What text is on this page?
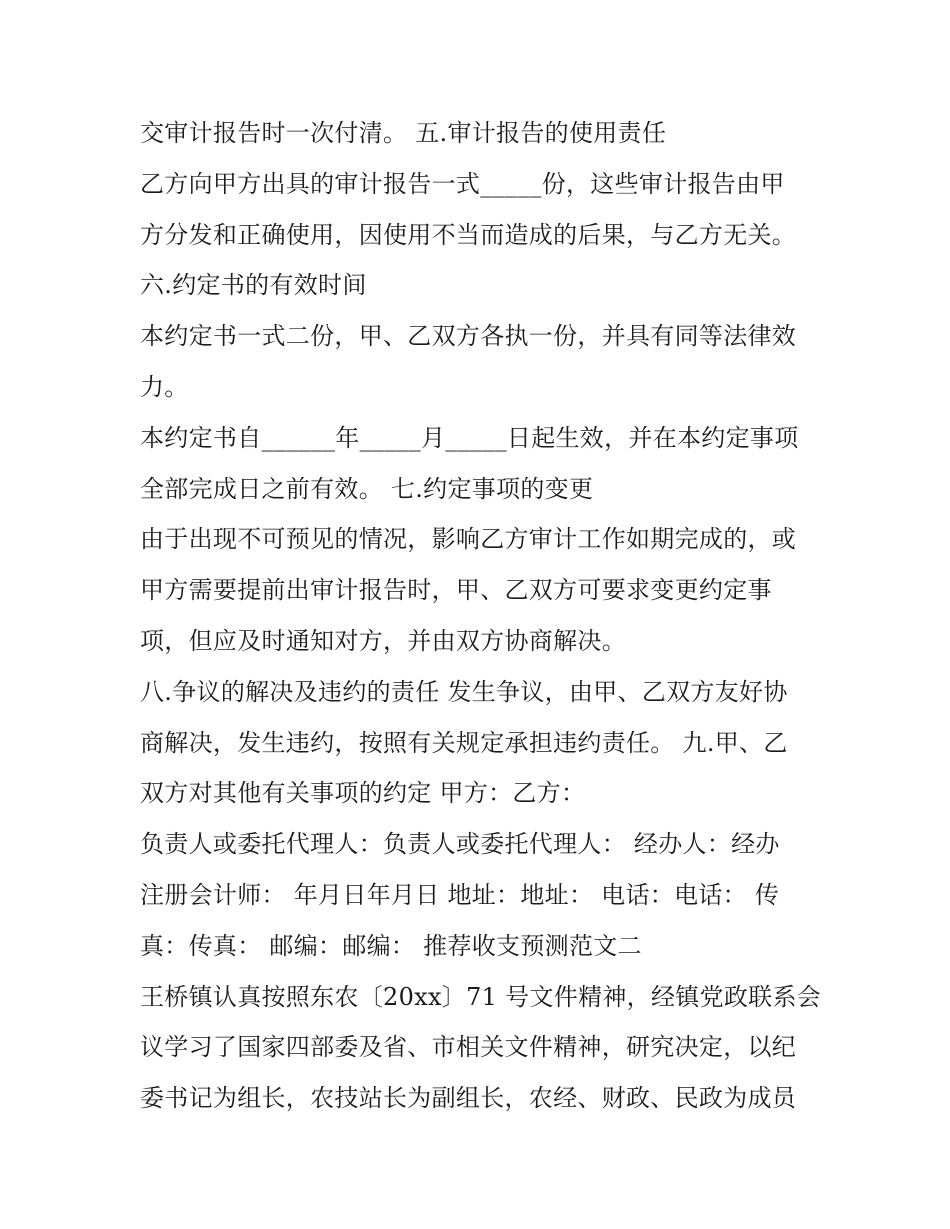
交审计报告时一次付清。 五.审计报告的使用责任
乙方向甲方出具的审计报告一式_____份，这些审计报告由甲
方分发和正确使用，因使用不当而造成的后果，与乙方无关。
六.约定书的有效时间
本约定书一式二份，甲、乙双方各执一份，并具有同等法律效
力。
本约定书自______年_____月_____日起生效，并在本约定事项
全部完成日之前有效。 七.约定事项的变更
由于出现不可预见的情况，影响乙方审计工作如期完成的，或
甲方需要提前出审计报告时，甲、乙双方可要求变更约定事
项，但应及时通知对方，并由双方协商解决。
八.争议的解决及违约的责任 发生争议，由甲、乙双方友好协
商解决，发生违约，按照有关规定承担违约责任。 九.甲、乙
双方对其他有关事项的约定 甲方：乙方：
负责人或委托代理人：负责人或委托代理人： 经办人：经办
注册会计师： 年月日年月日 地址：地址： 电话：电话： 传
真：传真： 邮编：邮编： 推荐收支预测范文二
王桥镇认真按照东农〔20xx〕71 号文件精神，经镇党政联系会
议学习了国家四部委及省、市相关文件精神，研究决定，以纪
委书记为组长，农技站长为副组长，农经、财政、民政为成员
